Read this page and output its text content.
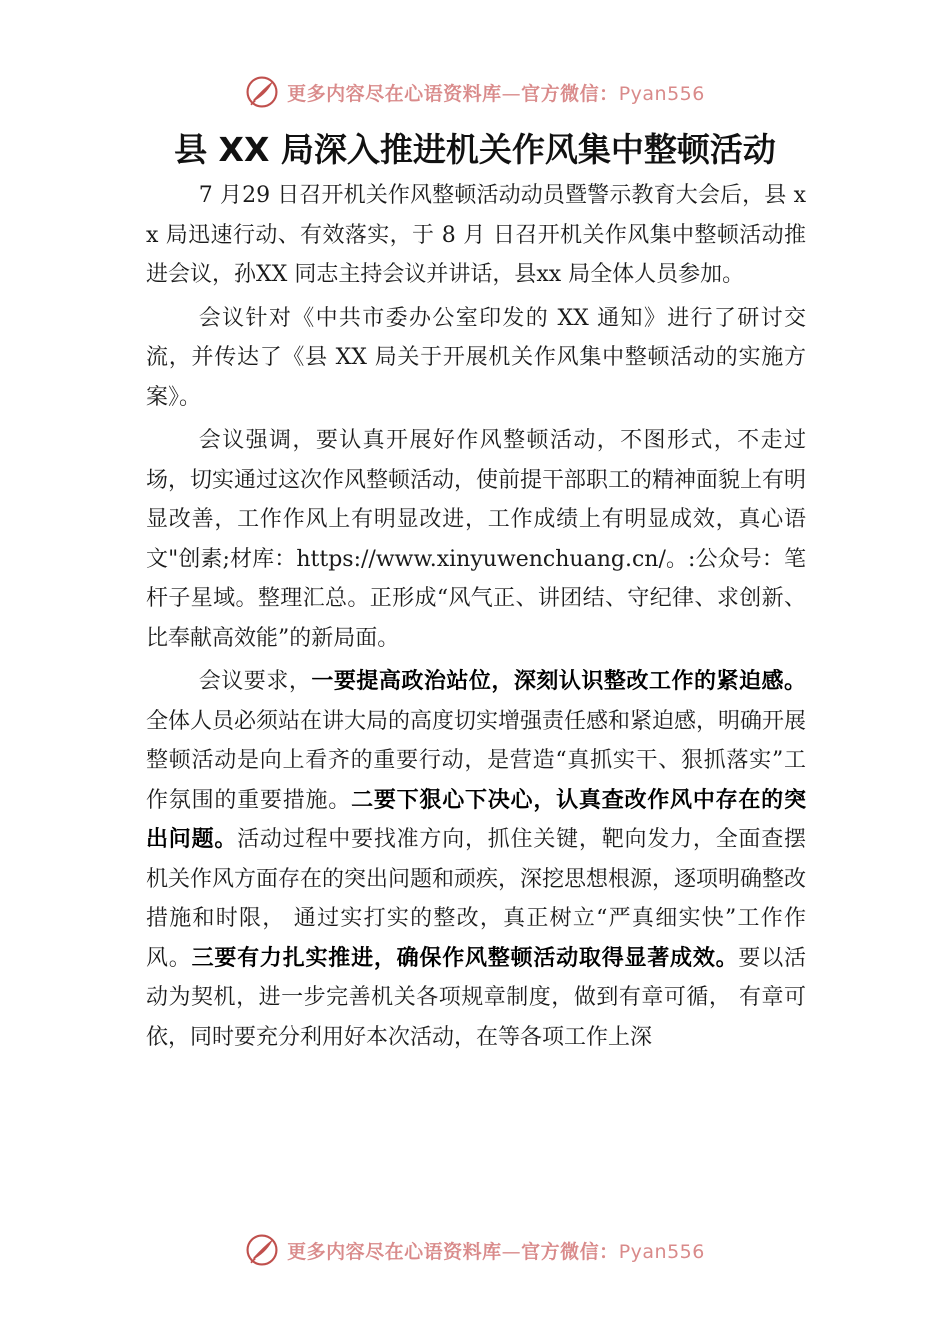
更多内容尽在心语资料库—官方微信：Pyan556
县 XX 局深入推进机关作风集中整顿活动

7 月29 日召开机关作风整顿活动动员暨警示教育大会后，县 xx 局迅速行动、有效落实，于 8 月 日召开机关作风集中整顿活动推进会议，孙XX 同志主持会议并讲话，县xx 局全体人员参加。

会议针对《中共市委办公室印发的 XX 通知》进行了研讨交流，并传达了《县 XX 局关于开展机关作风集中整顿活动的实施方案》。

会议强调，要认真开展好作风整顿活动，不图形式，不走过场，切实通过这次作风整顿活动，使前提干部职工的精神面貌上有明显改善，工作作风上有明显改进，工作成绩上有明显成效，真心语文"创素;材库：https://www.xinyuwenchuang.cn/。:公众号：笔杆子星域。整理汇总。正形成“风气正、讲团结、守纪律、求创新、比奉献高效能”的新局面。

会议要求，一要提高政治站位，深刻认识整改工作的紧迫感。全体人员必须站在讲大局的高度切实增强责任感和紧迫感，明确开展整顿活动是向上看齐的重要行动，是营造“真抓实干、狠抓落实”工作氛围的重要措施。二要下狠心下决心，认真查改作风中存在的突出问题。活动过程中要找准方向，抓住关键，靶向发力，全面查摆机关作风方面存在的突出问题和顽疾，深挖思想根源，逐项明确整改措施和时限， 通过实打实的整改，真正树立“严真细实快”工作作风。三要有力扎实推进，确保作风整顿活动取得显著成效。要以活动为契机，进一步完善机关各项规章制度，做到有章可循， 有章可依，同时要充分利用好本次活动，在等各项工作上深

更多内容尽在心语资料库—官方微信：Pyan556
